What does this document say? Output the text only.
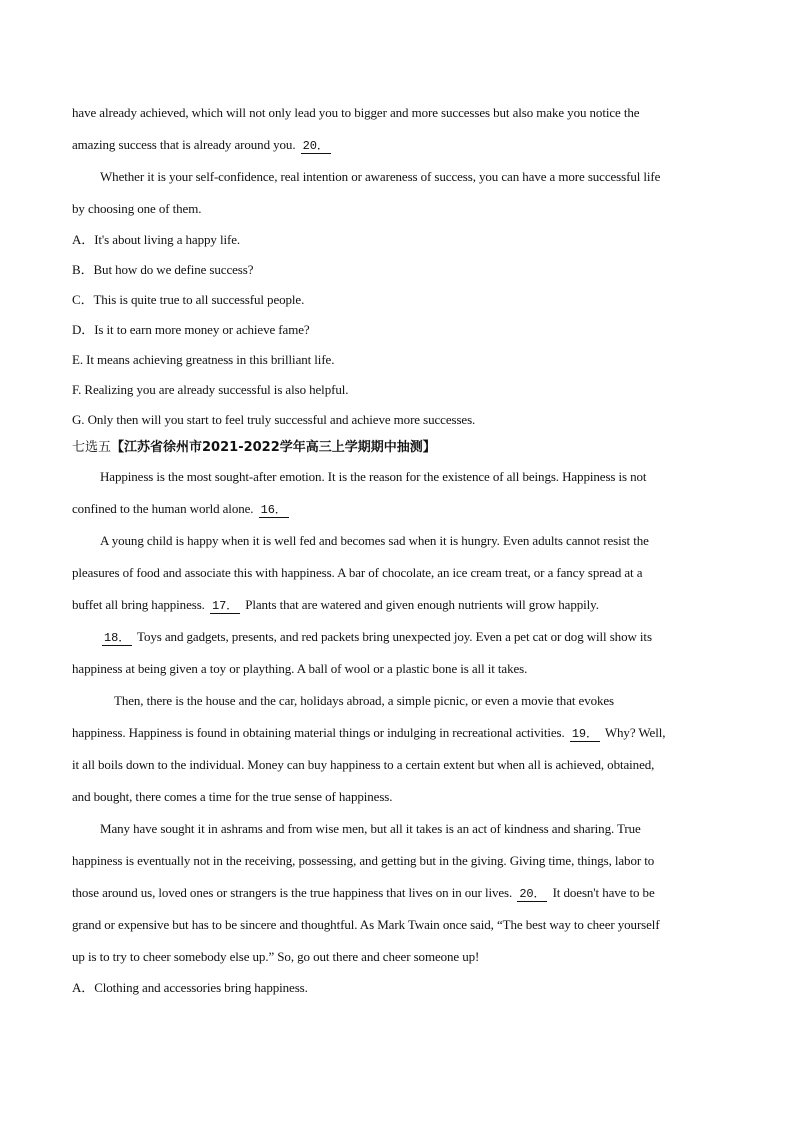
have already achieved, which will not only lead you to bigger and more successes but also make you notice the
amazing success that is already around you. 20．
Whether it is your self-confidence, real intention or awareness of success, you can have a more successful life
by choosing one of them.
A．It's about living a happy life.
B．But how do we define success?
C．This is quite true to all successful people.
D．Is it to earn more money or achieve fame?
E. It means achieving greatness in this brilliant life.
F. Realizing you are already successful is also helpful.
G. Only then will you start to feel truly successful and achieve more successes.
七选五【江苏省徐州市2021-2022学年高三上学期期中抽测】
Happiness is the most sought-after emotion. It is the reason for the existence of all beings. Happiness is not
confined to the human world alone. 16．
A young child is happy when it is well fed and becomes sad when it is hungry. Even adults cannot resist the
pleasures of food and associate this with happiness. A bar of chocolate, an ice cream treat, or a fancy spread at a
buffet all bring happiness. 17． Plants that are watered and given enough nutrients will grow happily.
18． Toys and gadgets, presents, and red packets bring unexpected joy. Even a pet cat or dog will show its
happiness at being given a toy or plaything. A ball of wool or a plastic bone is all it takes.
Then, there is the house and the car, holidays abroad, a simple picnic, or even a movie that evokes
happiness. Happiness is found in obtaining material things or indulging in recreational activities. 19． Why? Well,
it all boils down to the individual. Money can buy happiness to a certain extent but when all is achieved, obtained,
and bought, there comes a time for the true sense of happiness.
Many have sought it in ashrams and from wise men, but all it takes is an act of kindness and sharing. True
happiness is eventually not in the receiving, possessing, and getting but in the giving. Giving time, things, labor to
those around us, loved ones or strangers is the true happiness that lives on in our lives. 20． It doesn't have to be
grand or expensive but has to be sincere and thoughtful. As Mark Twain once said, “The best way to cheer yourself
up is to try to cheer somebody else up.” So, go out there and cheer someone up!
A．Clothing and accessories bring happiness.
